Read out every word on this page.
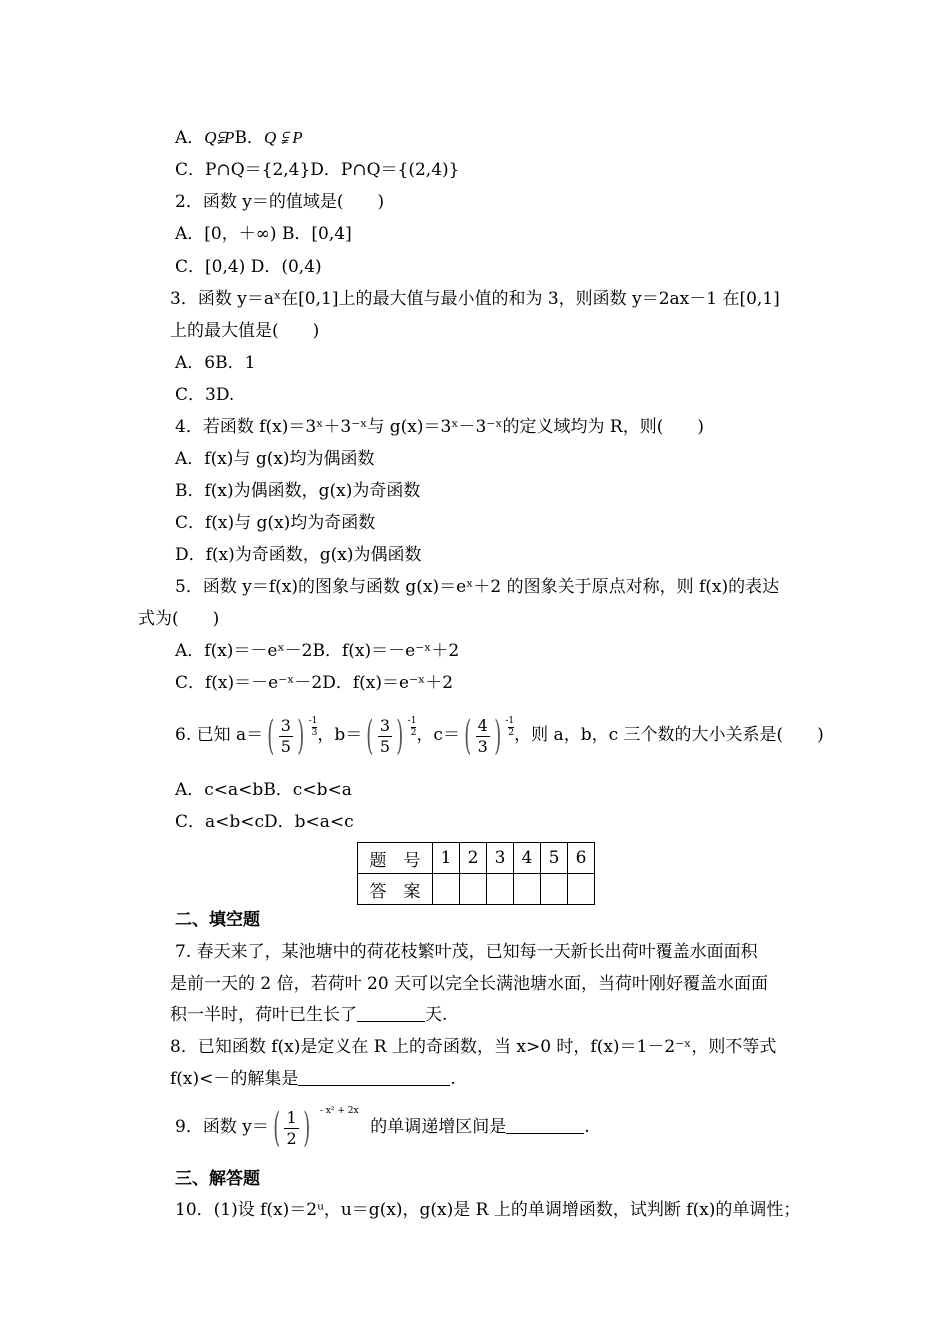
A．Q⫋PB．Q ⫋ P
C．P∩Q＝{2,4}D．P∩Q＝{(2,4)}
2．函数 y＝的值域是(　　)
A．[0，＋∞) B．[0,4]
C．[0,4) D．(0,4)
3．函数 y＝aˣ在[0,1]上的最大值与最小值的和为 3，则函数 y＝2ax－1 在[0,1]
上的最大值是(　　)
A．6B．1
C．3D.
4．若函数 f(x)＝3ˣ＋3⁻ˣ与 g(x)＝3ˣ－3⁻ˣ的定义域均为 R，则(　　)
A．f(x)与 g(x)均为偶函数
B．f(x)为偶函数，g(x)为奇函数
C．f(x)与 g(x)均为奇函数
D．f(x)为奇函数，g(x)为偶函数
5．函数 y＝f(x)的图象与函数 g(x)＝eˣ＋2 的图象关于原点对称，则 f(x)的表达
式为(　　)
A．f(x)＝－eˣ－2B．f(x)＝－e⁻ˣ＋2
C．f(x)＝－e⁻ˣ－2D．f(x)＝e⁻ˣ＋2
6. 已知 a＝ ( $\frac{3}{5}$ ) - $\frac{1}{3}$ ，b＝ ( $\frac{3}{5}$ ) - $\frac{1}{2}$ ，c＝ ( $\frac{4}{3}$ ) - $\frac{1}{2}$ ，则 a，b，c 三个数的大小关系是(　　)
A．c<a<bB．c<b<a
C．a<b<cD．b<a<c
题　号	1	2	3	4	5	6
答　案						
二、填空题
7. 春天来了，某池塘中的荷花枝繁叶茂，已知每一天新长出荷叶覆盖水面面积
是前一天的 2 倍，若荷叶 20 天可以完全长满池塘水面，当荷叶刚好覆盖水面面
积一半时，荷叶已生长了	天.
8．已知函数 f(x)是定义在 R 上的奇函数，当 x>0 时，f(x)＝1－2⁻ˣ，则不等式
f(x)<－的解集是	.
9．函数 y＝ ( $\frac{1}{2}$ ) - x² + 2x的单调递增区间是	.
三、解答题
10．(1)设 f(x)＝2ᵘ，u＝g(x)，g(x)是 R 上的单调增函数，试判断 f(x)的单调性；
